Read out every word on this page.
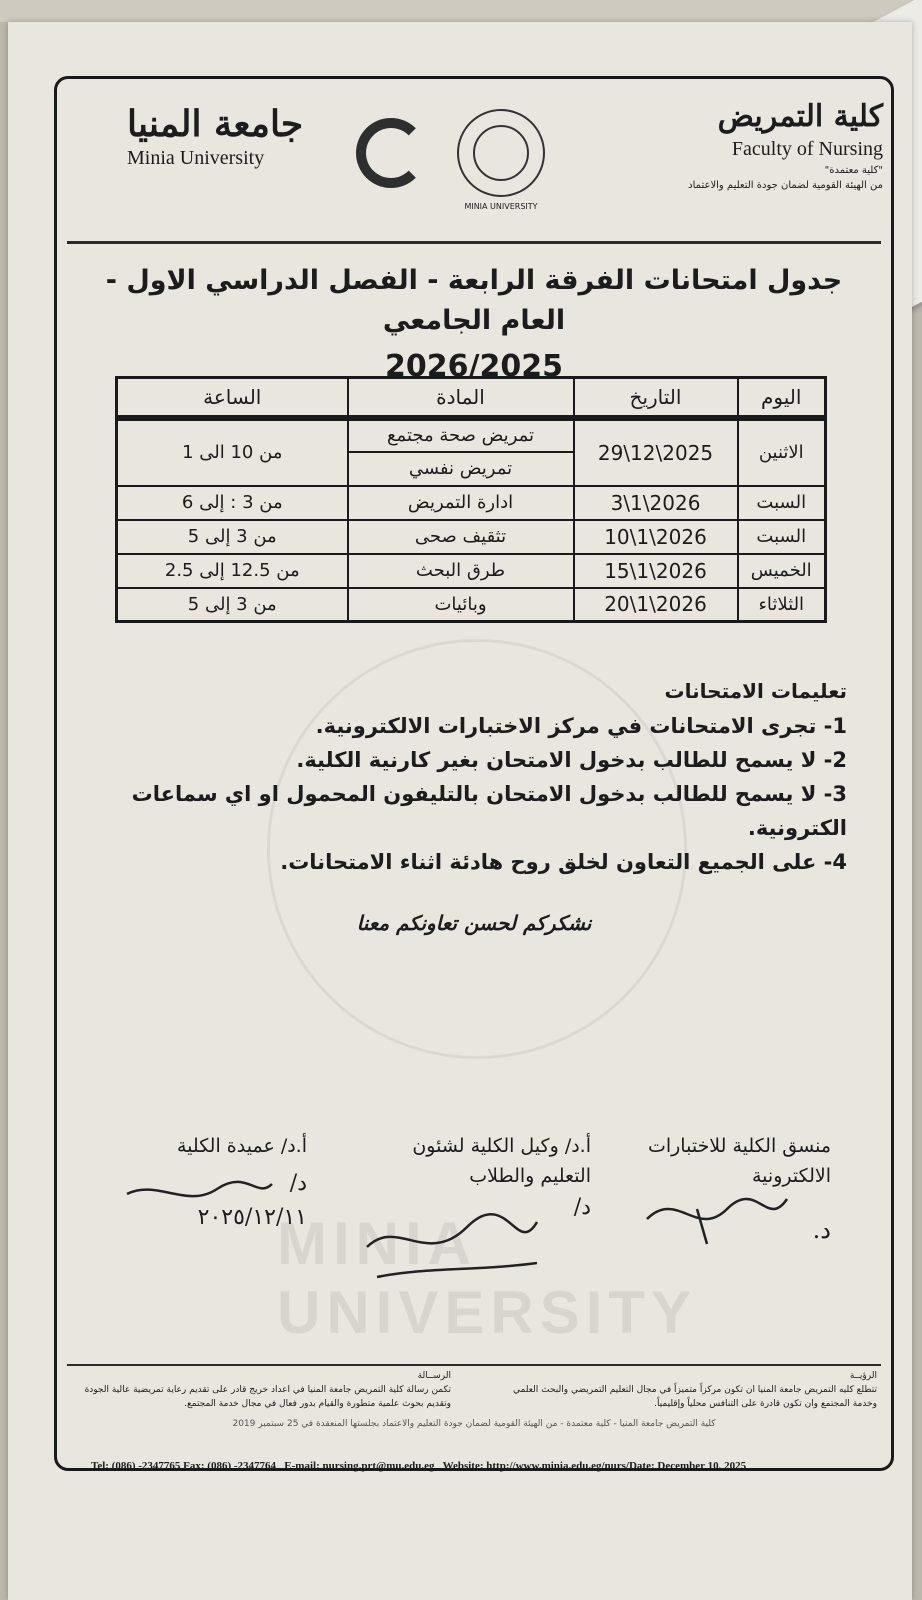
MINIA UNIVERSITY
كلية التمريض
Faculty of Nursing
"كلية معتمدة"
من الهيئة القومية لضمان جودة التعليم والاعتماد
MINIA UNIVERSITY
جامعة المنيا
Minia University
جدول امتحانات الفرقة الرابعة - الفصل الدراسي الاول - العام الجامعي
2026/2025
اليوم	التاريخ	المادة	الساعة
الاثنين	2025\12\29	تمريض صحة مجتمع	من 10 الى 1
		تمريض نفسي	
السبت	2026\1\3	ادارة التمريض	من 3 : إلى 6
السبت	2026\1\10	تثقيف صحى	من 3 إلى 5
الخميس	2026\1\15	طرق البحث	من 12.5 إلى 2.5
الثلاثاء	2026\1\20	وبائيات	من 3 إلى 5
تعليمات الامتحانات
1- تجرى الامتحانات في مركز الاختبارات الالكترونية.
2- لا يسمح للطالب بدخول الامتحان بغير كارنية الكلية.
3- لا يسمح للطالب بدخول الامتحان بالتليفون المحمول او اي سماعات الكترونية.
4- على الجميع التعاون لخلق روح هادئة اثناء الامتحانات.
نشكركم لحسن تعاونكم معنا
منسق الكلية للاختبارات الالكترونية
د.
أ.د/ وكيل الكلية لشئون التعليم والطلاب
د/
أ.د/ عميدة الكلية
د/
٢٠٢٥/١٢/١١
الرؤيــة
تتطلع كليه التمريض جامعة المنيا ان تكون مركزاً متميزاً في مجال التعليم التمريضي والبحث العلمي وخدمة المجتمع وان تكون قادرة على التنافس محلياً وإقليمياً.
الرســالة
تكمن رسالة كلية التمريض جامعة المنيا في اعداد خريج قادر على تقديم رعاية تمريضية عالية الجودة وتقديم بحوث علمية متطورة والقيام بدور فعال في مجال خدمة المجتمع.
كلية التمريض جامعة المنيا - كلية معتمدة - من الهيئة القومية لضمان جودة التعليم والاعتماد بجلستها المنعقدة في 25 سبتمبر 2019
Tel: (086) -2347765 Fax: (086) -2347764 E-mail: nursing.prt@mu.edu.eg Website: http://www.minia.edu.eg/nurs/Date: December 10, 2025
